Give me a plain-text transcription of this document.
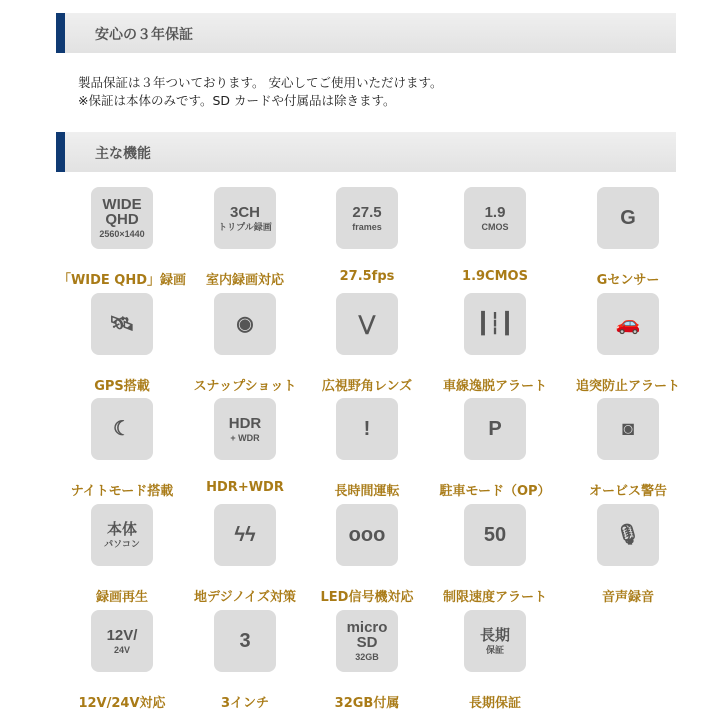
安心の３年保証
製品保証は３年ついております。 安心してご使用いただけます。
※保証は本体のみです。SD カードや付属品は除きます。
主な機能
WIDE QHD
2560×1440
「WIDE QHD」録画
3CH
トリプル録画
室内録画対応
27.5
frames
27.5fps
1.9
CMOS
1.9CMOS
G
Gセンサー
🛰
GPS搭載
◉
スナップショット
⋁
広視野角レンズ
┃┆┃
車線逸脱アラート
🚗
追突防止アラート
☾
ナイトモード搭載
HDR
+ WDR
HDR+WDR
!
長時間運転
P
駐車モード（OP）
◙
オービス警告
本体
パソコン
録画再生
ϟϟ
地デジノイズ対策
ooo
LED信号機対応
50
制限速度アラート
🎙
音声録音
12V/
24V
12V/24V対応
3
3インチ
micro SD
32GB
32GB付属
長期
保証
長期保証
